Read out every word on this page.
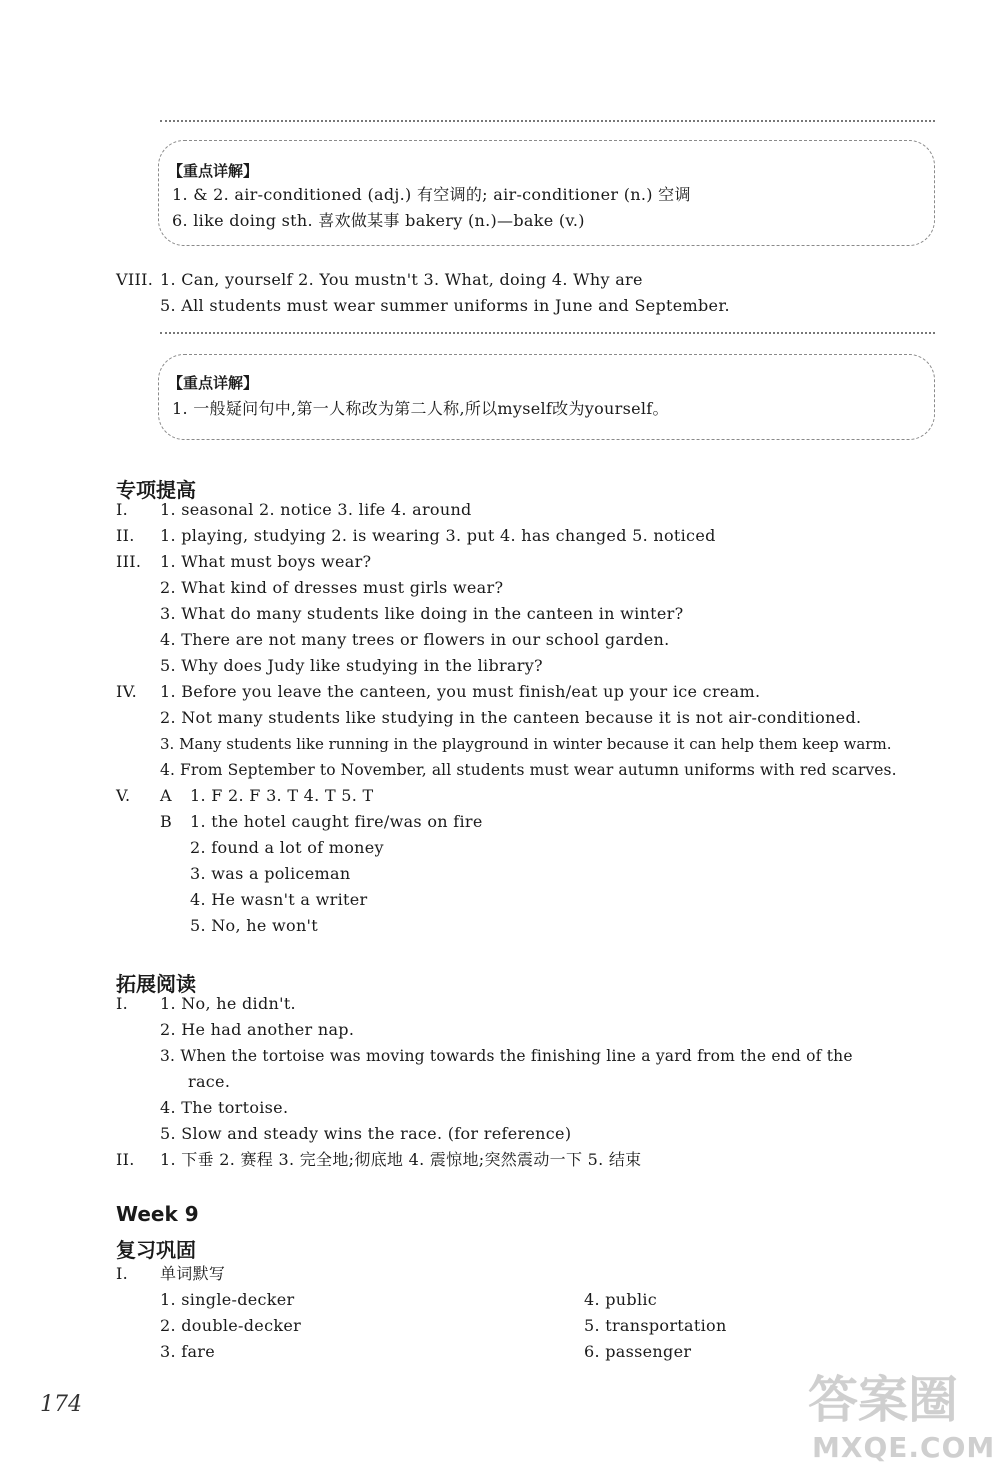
【重点详解】
1. & 2. air-conditioned (adj.) 有空调的; air-conditioner (n.) 空调
6. like doing sth. 喜欢做某事 bakery (n.)—bake (v.)
VIII. 1. Can, yourself 2. You mustn't 3. What, doing 4. Why are
5. All students must wear summer uniforms in June and September.
【重点详解】
1. 一般疑问句中,第一人称改为第二人称,所以myself改为yourself。
专项提高
I. 1. seasonal 2. notice 3. life 4. around
II. 1. playing, studying 2. is wearing 3. put 4. has changed 5. noticed
III. 1. What must boys wear?
2. What kind of dresses must girls wear?
3. What do many students like doing in the canteen in winter?
4. There are not many trees or flowers in our school garden.
5. Why does Judy like studying in the library?
IV. 1. Before you leave the canteen, you must finish/eat up your ice cream.
2. Not many students like studying in the canteen because it is not air-conditioned.
3. Many students like running in the playground in winter because it can help them keep warm.
4. From September to November, all students must wear autumn uniforms with red scarves.
V. A 1. F 2. F 3. T 4. T 5. T
B 1. the hotel caught fire/was on fire
2. found a lot of money
3. was a policeman
4. He wasn't a writer
5. No, he won't
拓展阅读
I. 1. No, he didn't.
2. He had another nap.
3. When the tortoise was moving towards the finishing line a yard from the end of the
race.
4. The tortoise.
5. Slow and steady wins the race. (for reference)
II. 1. 下垂 2. 赛程 3. 完全地;彻底地 4. 震惊地;突然震动一下 5. 结束
Week 9
复习巩固
I. 单词默写
1. single-decker
2. double-decker
3. fare
4. public
5. transportation
6. passenger
174	答案圈
MXQE.COM
